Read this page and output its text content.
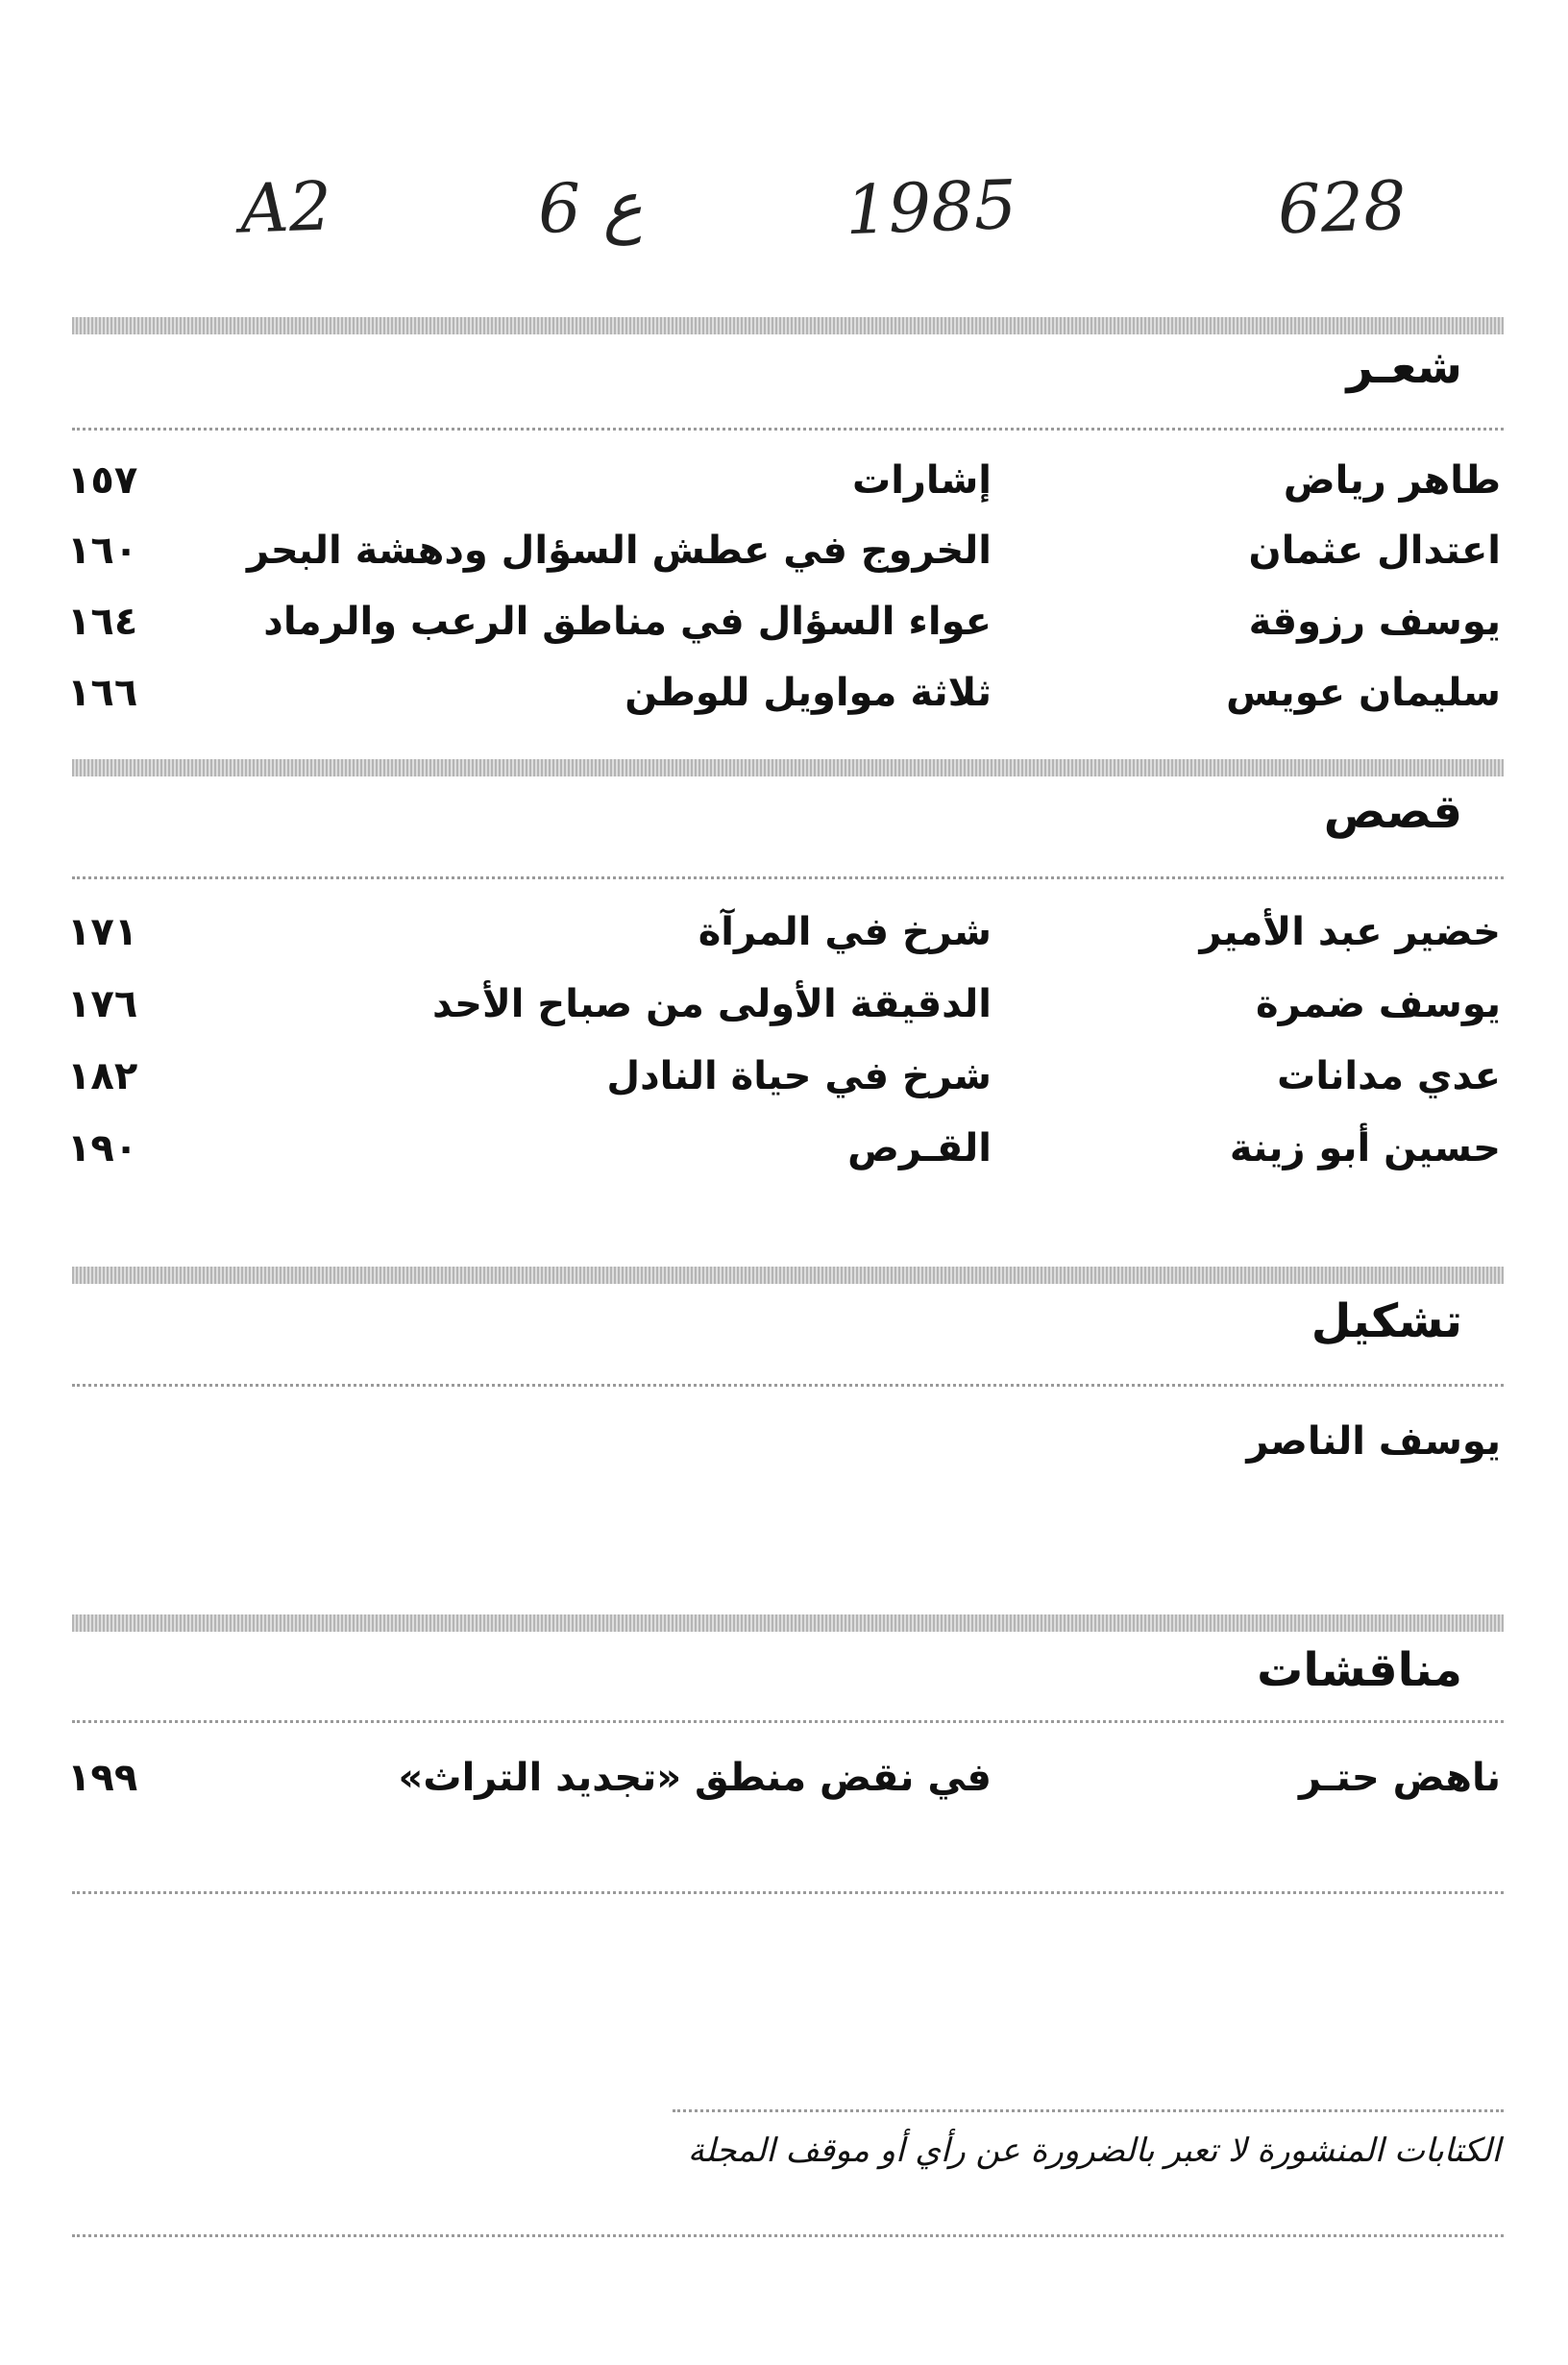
628
1985
ع 6
A2
شعـر
طاهر رياض
إشارات
١٥٧
اعتدال عثمان
الخروج في عطش السؤال ودهشة البحر
١٦٠
يوسف رزوقة
عواء السؤال في مناطق الرعب والرماد
١٦٤
سليمان عويس
ثلاثة مواويل للوطن
١٦٦
قصص
خضير عبد الأمير
شرخ في المرآة
١٧١
يوسف ضمرة
الدقيقة الأولى من صباح الأحد
١٧٦
عدي مدانات
شرخ في حياة النادل
١٨٢
حسين أبو زينة
القـرص
١٩٠
تشكيل
يوسف الناصر
مناقشات
ناهض حتـر
في نقض منطق «تجديد التراث»
١٩٩
الكتابات المنشورة لا تعبر بالضرورة عن رأي أو موقف المجلة
